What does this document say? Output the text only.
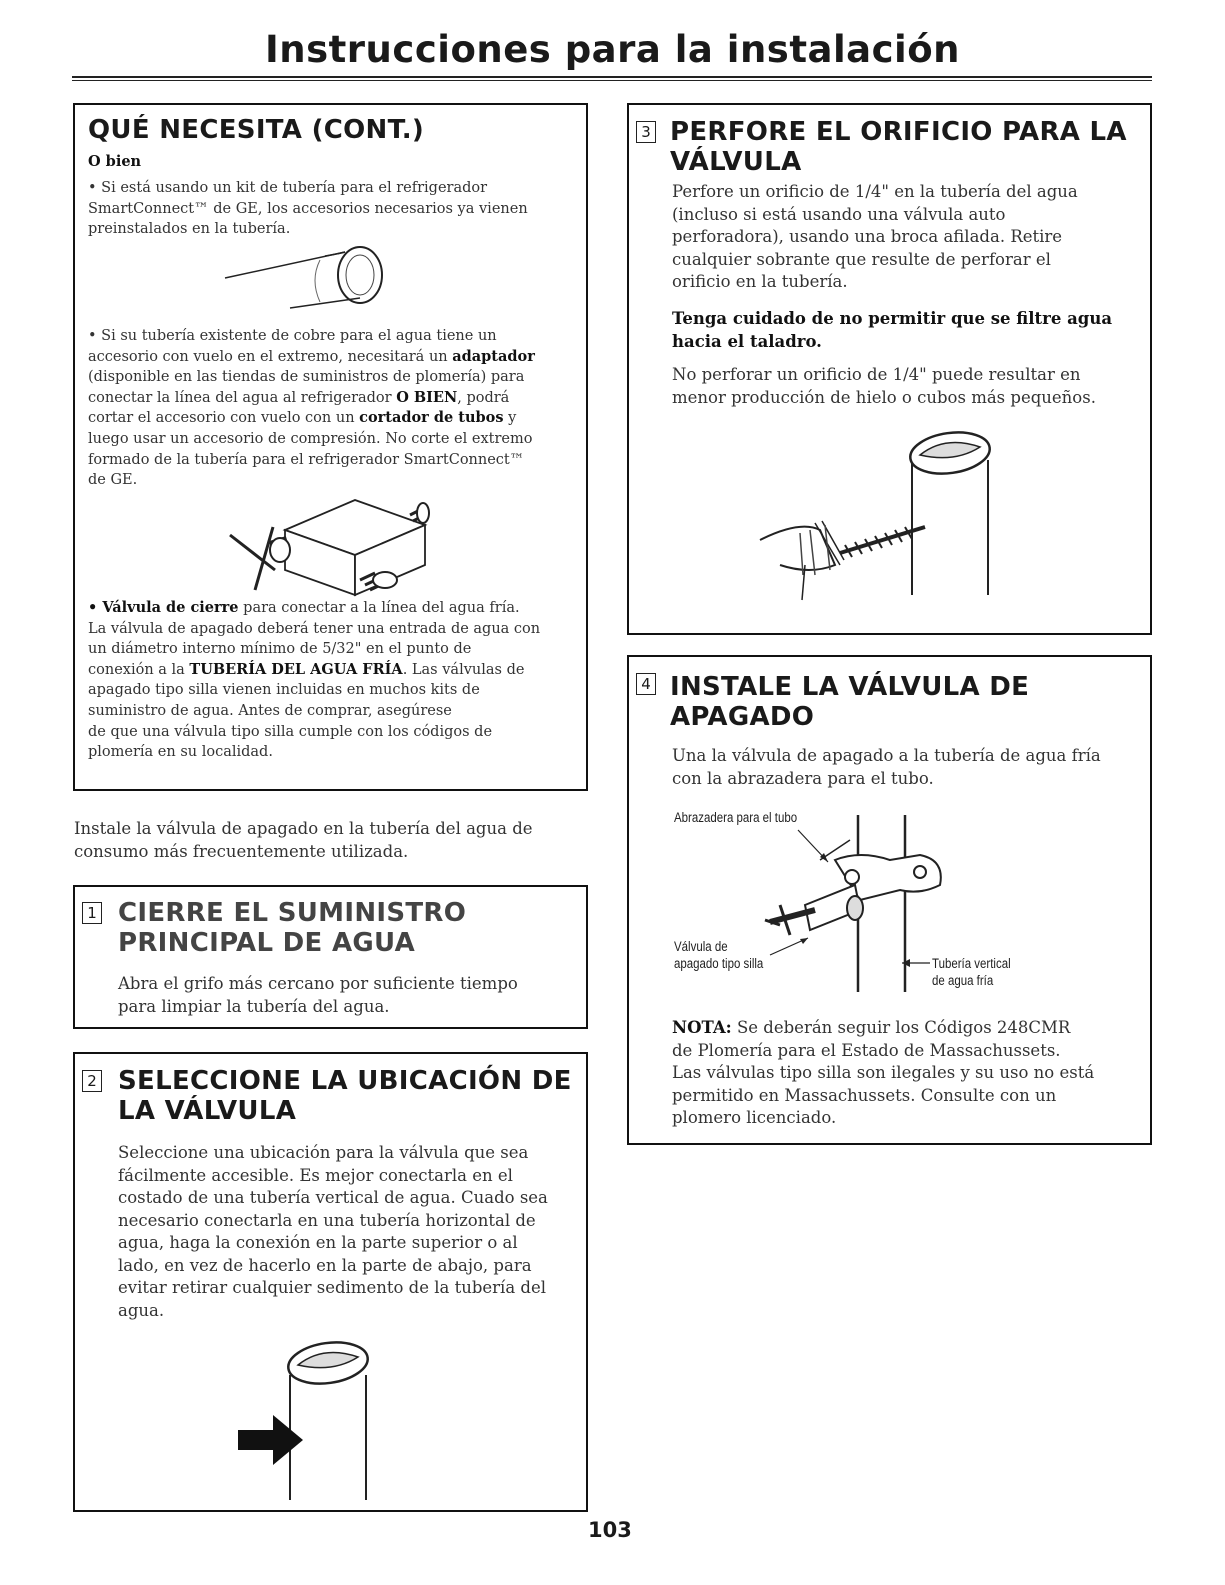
Instrucciones para la instalación
QUÉ NECESITA (CONT.)
O bien
• Si está usando un kit de tubería para el refrigerador
SmartConnect™ de GE, los accesorios necesarios ya vienen
preinstalados en la tubería.
• Si su tubería existente de cobre para el agua tiene un
accesorio con vuelo en el extremo, necesitará un adaptador
(disponible en las tiendas de suministros de plomería) para
conectar la línea del agua al refrigerador O BIEN, podrá
cortar el accesorio con vuelo con un cortador de tubos y
luego usar un accesorio de compresión. No corte el extremo
formado de la tubería para el refrigerador SmartConnect™
de GE.
• Válvula de cierre para conectar a la línea del agua fría.
La válvula de apagado deberá tener una entrada de agua con
un diámetro interno mínimo de 5/32" en el punto de
conexión a la TUBERÍA DEL AGUA FRÍA. Las válvulas de
apagado tipo silla vienen incluidas en muchos kits de
suministro de agua. Antes de comprar, asegúrese
de que una válvula tipo silla cumple con los códigos de
plomería en su localidad.
Instale la válvula de apagado en la tubería del agua de
consumo más frecuentemente utilizada.
1 CIERRE EL SUMINISTRO
PRINCIPAL DE AGUA
Abra el grifo más cercano por suficiente tiempo
para limpiar la tubería del agua.
2 SELECCIONE LA UBICACIÓN DE
LA VÁLVULA
Seleccione una ubicación para la válvula que sea
fácilmente accesible. Es mejor conectarla en el
costado de una tubería vertical de agua. Cuado sea
necesario conectarla en una tubería horizontal de
agua, haga la conexión en la parte superior o al
lado, en vez de hacerlo en la parte de abajo, para
evitar retirar cualquier sedimento de la tubería del
agua.
3 PERFORE EL ORIFICIO PARA LA
VÁLVULA
Perfore un orificio de 1/4" en la tubería del agua
(incluso si está usando una válvula auto
perforadora), usando una broca afilada. Retire
cualquier sobrante que resulte de perforar el
orificio en la tubería.
Tenga cuidado de no permitir que se filtre agua
hacia el taladro.
No perforar un orificio de 1/4" puede resultar en
menor producción de hielo o cubos más pequeños.
4 INSTALE LA VÁLVULA DE
APAGADO
Una la válvula de apagado a la tubería de agua fría
con la abrazadera para el tubo.
Abrazadera para el tubo
Válvula de
apagado tipo silla	Tubería vertical
de agua fría
NOTA: Se deberán seguir los Códigos 248CMR
de Plomería para el Estado de Massachussets.
Las válvulas tipo silla son ilegales y su uso no está
permitido en Massachussets. Consulte con un
plomero licenciado.
103
